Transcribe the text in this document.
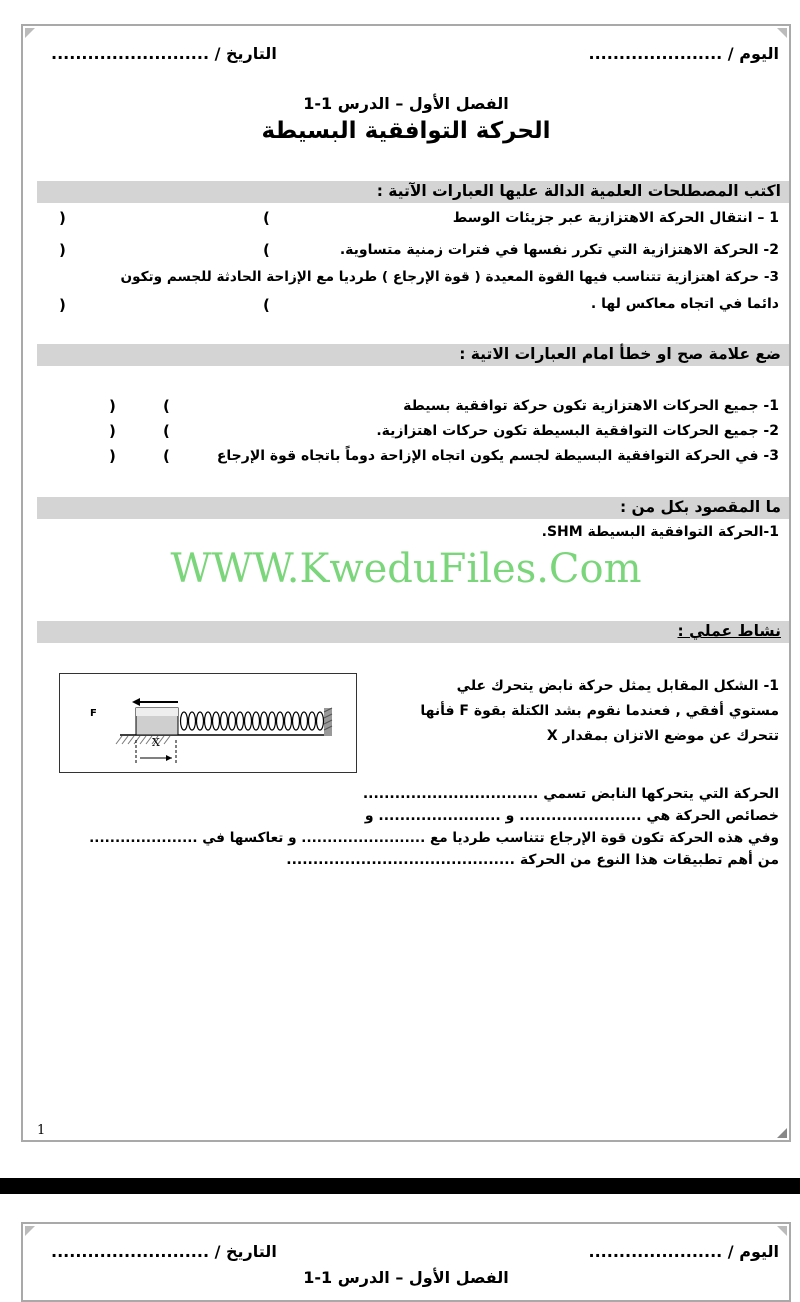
اليوم / ......................
التاريخ / ..........................
الفصل الأول – الدرس 1-1
الحركة التوافقية البسيطة
اكتب المصطلحات العلمية الدالة عليها العبارات الآتية :
1 – انتقال الحركة الاهتزازية عبر جزيئات الوسط
(
)
2- الحركة الاهتزازية التي تكرر نفسها في فترات زمنية متساوية.
(
)
3- حركة اهتزازية تتناسب فيها القوة المعيدة ( قوة الإرجاع ) طرديا مع الإزاحة الحادثة للجسم وتكون
دائما في اتجاه معاكس لها .
(
)
ضع علامة صح او خطأ امام العبارات الاتية :
1- جميع الحركات الاهتزازية تكون حركة توافقية بسيطة
(
)
2- جميع الحركات التوافقية البسيطة تكون حركات اهتزازية.
(
)
3- في الحركة التوافقية البسيطة لجسم يكون اتجاه الإزاحة دوماً باتجاه قوة الإرجاع
(
)
ما المقصود بكل من :
1-الحركة التوافقية البسيطة SHM.
WWW.KweduFiles.Com
نشاط عملي :
1- الشكل المقابل يمثل حركة نابض يتحرك علي
مستوي أفقي , فعندما نقوم بشد الكتلة بقوة F فأنها
تتحرك عن موضع الاتزان بمقدار X
F
X
الحركة التي يتحركها النابض تسمي .................................
خصائص الحركة هي ....................... و ....................... و
وفي هذه الحركة تكون قوة الإرجاع تتناسب طرديا مع ........................ و تعاكسها في .....................
من أهم تطبيقات هذا النوع من الحركة ...........................................
1
اليوم / ......................
التاريخ / ..........................
الفصل الأول – الدرس 1-1
